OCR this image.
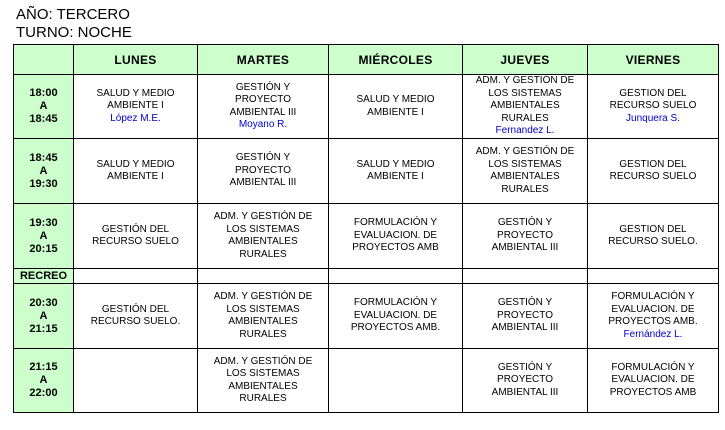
AÑO: TERCERO
TURNO: NOCHE
	LUNES	MARTES	MIÉRCOLES	JUEVES	VIERNES

18:00
A
18:45	SALUD Y MEDIO
AMBIENTE I
López M.E.	GESTIÓN Y
PROYECTO
AMBIENTAL III
Moyano R.	SALUD Y MEDIO
AMBIENTE I	ADM. Y GESTIÓN DE
LOS SISTEMAS
AMBIENTALES
RURALES
Fernandez L.	GESTION DEL
RECURSO SUELO
Junquera S.

18:45
A
19:30	SALUD Y MEDIO
AMBIENTE I	GESTIÓN Y
PROYECTO
AMBIENTAL III	SALUD Y MEDIO
AMBIENTE I	ADM. Y GESTIÓN DE
LOS SISTEMAS
AMBIENTALES
RURALES	GESTION DEL
RECURSO SUELO

19:30
A
20:15	GESTIÓN DEL
RECURSO SUELO	ADM. Y GESTIÓN DE
LOS SISTEMAS
AMBIENTALES
RURALES	FORMULACIÓN Y
EVALUACION. DE
PROYECTOS AMB	GESTIÓN Y
PROYECTO
AMBIENTAL III	GESTION DEL
RECURSO SUELO.

RECREO					

20:30
A
21:15	GESTIÓN DEL
RECURSO SUELO.	ADM. Y GESTIÓN DE
LOS SISTEMAS
AMBIENTALES
RURALES	FORMULACIÓN Y
EVALUACION. DE
PROYECTOS AMB.	GESTIÓN Y
PROYECTO
AMBIENTAL III	FORMULACIÓN Y
EVALUACION. DE
PROYECTOS AMB.
Fernández L.

21:15
A
22:00		ADM. Y GESTIÓN DE
LOS SISTEMAS
AMBIENTALES
RURALES		GESTIÓN Y
PROYECTO
AMBIENTAL III	FORMULACIÓN Y
EVALUACION. DE
PROYECTOS AMB
